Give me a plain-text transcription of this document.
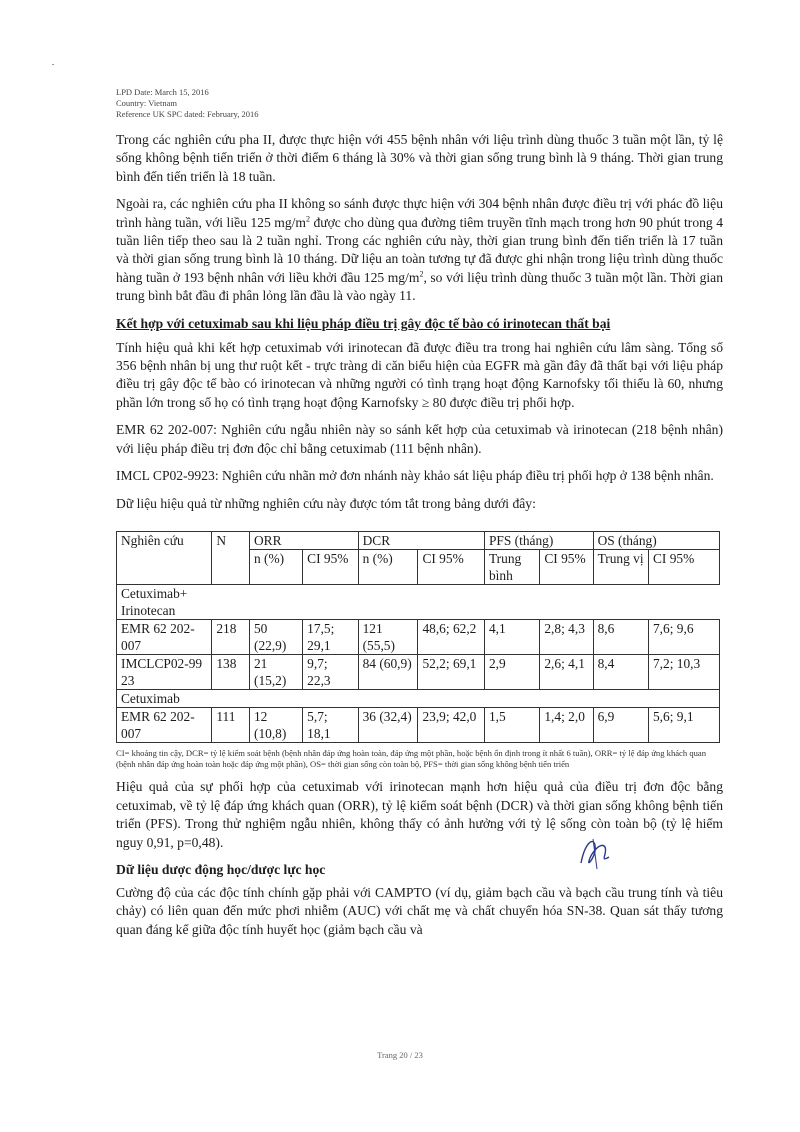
LPD Date: March 15, 2016
Country: Vietnam
Reference UK SPC dated: February, 2016

Trong các nghiên cứu pha II, được thực hiện với 455 bệnh nhân với liệu trình dùng thuốc 3 tuần một lần, tỷ lệ sống không bệnh tiến triển ở thời điểm 6 tháng là 30% và thời gian sống trung bình là 9 tháng. Thời gian trung bình đến tiến triển là 18 tuần.

Ngoài ra, các nghiên cứu pha II không so sánh được thực hiện với 304 bệnh nhân được điều trị với phác đồ liệu trình hàng tuần, với liều 125 $mg/m^2$ được cho dùng qua đường tiêm truyền tĩnh mạch trong hơn 90 phút trong 4 tuần liên tiếp theo sau là 2 tuần nghỉ. Trong các nghiên cứu này, thời gian trung bình đến tiến triển là 17 tuần và thời gian sống trung bình là 10 tháng. Dữ liệu an toàn tương tự đã được ghi nhận trong liệu trình dùng thuốc hàng tuần ở 193 bệnh nhân với liều khởi đầu 125 $mg/m^2$, so với liệu trình dùng thuốc 3 tuần một lần. Thời gian trung bình bắt đầu đi phân lỏng lần đầu là vào ngày 11.

Kết hợp với cetuximab sau khi liệu pháp điều trị gây độc tế bào có irinotecan thất bại

Tính hiệu quả khi kết hợp cetuximab với irinotecan đã được điều tra trong hai nghiên cứu lâm sàng. Tổng số 356 bệnh nhân bị ung thư ruột kết - trực tràng di căn biểu hiện của EGFR mà gần đây đã thất bại với liệu pháp điều trị gây độc tế bào có irinotecan và những người có tình trạng hoạt động Karnofsky tối thiểu là 60, nhưng phần lớn trong số họ có tình trạng hoạt động Karnofsky ≥ 80 được điều trị phối hợp.

EMR 62 202-007: Nghiên cứu ngẫu nhiên này so sánh kết hợp của cetuximab và irinotecan (218 bệnh nhân) với liệu pháp điều trị đơn độc chỉ bằng cetuximab (111 bệnh nhân).

IMCL CP02-9923: Nghiên cứu nhãn mở đơn nhánh này khảo sát liệu pháp điều trị phối hợp ở 138 bệnh nhân.

Dữ liệu hiệu quả từ những nghiên cứu này được tóm tắt trong bảng dưới đây:

Nghiên cứu	N	ORR		DCR		PFS (tháng)		OS (tháng)	
		n (%)	CI 95%	n (%)	CI 95%	Trung bình	CI 95%	Trung vị	CI 95%
Cetuximab+ Irinotecan									
EMR 62 202-007	218	50 (22,9)	17,5; 29,1	121 (55,5)	48,6; 62,2	4,1	2,8; 4,3	8,6	7,6; 9,6
IMCLCP02-9923	138	21 (15,2)	9,7; 22,3	84 (60,9)	52,2; 69,1	2,9	2,6; 4,1	8,4	7,2; 10,3
Cetuximab									
EMR 62 202-007	111	12 (10,8)	5,7; 18,1	36 (32,4)	23,9; 42,0	1,5	1,4; 2,0	6,9	5,6; 9,1
CI= khoảng tin cậy, DCR= tỷ lệ kiểm soát bệnh (bệnh nhân đáp ứng hoàn toàn, đáp ứng một phần, hoặc bệnh ổn định trong ít nhất 6 tuần), ORR= tỷ lệ đáp ứng khách quan (bệnh nhân đáp ứng hoàn toàn hoặc đáp ứng một phần), OS= thời gian sống còn toàn bộ, PFS= thời gian sống không bệnh tiến triển

Hiệu quả của sự phối hợp của cetuximab với irinotecan mạnh hơn hiệu quả của điều trị đơn độc bằng cetuximab, về tỷ lệ đáp ứng khách quan (ORR), tỷ lệ kiểm soát bệnh (DCR) và thời gian sống không bệnh tiến triển (PFS). Trong thử nghiệm ngẫu nhiên, không thấy có ảnh hưởng với tỷ lệ sống còn toàn bộ (tỷ lệ hiểm nguy 0,91, p=0,48).

Dữ liệu dược động học/dược lực học

Cường độ của các độc tính chính gặp phải với CAMPTO (ví dụ, giảm bạch cầu và bạch cầu trung tính và tiêu chảy) có liên quan đến mức phơi nhiễm (AUC) với chất mẹ và chất chuyển hóa SN-38. Quan sát thấy tương quan đáng kể giữa độc tính huyết học (giảm bạch cầu và

Trang 20 / 23
